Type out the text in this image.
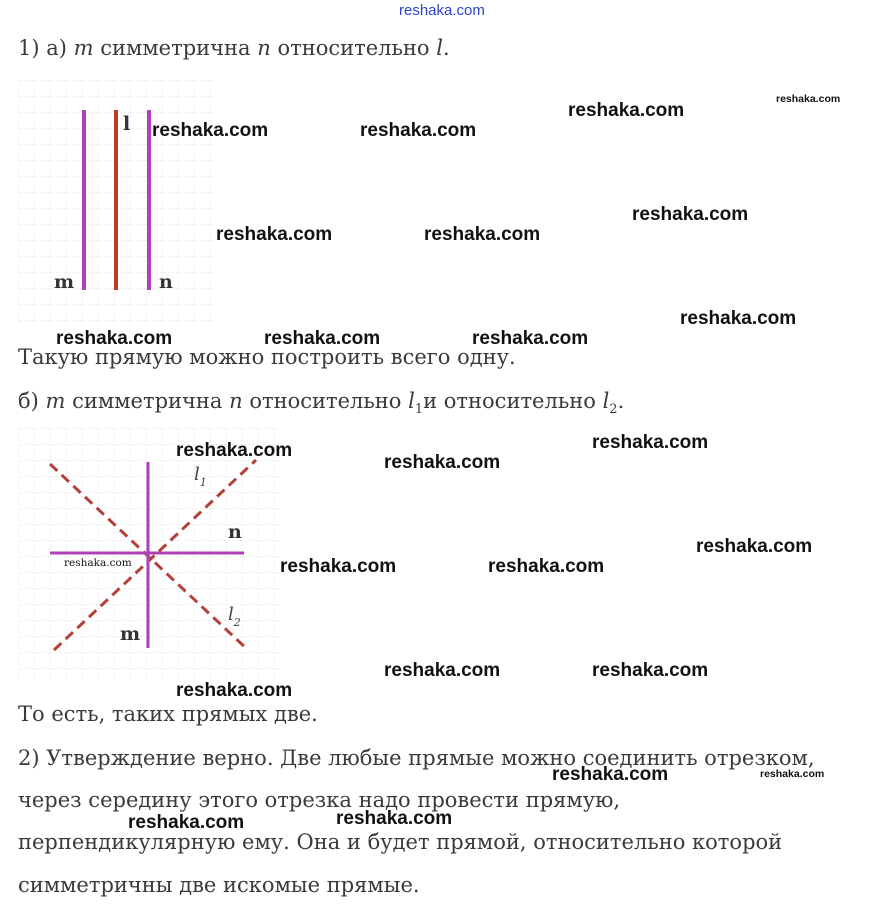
reshaka.com
1) а) m симметрична n относительно l.
m
l
n
reshaka.com	reshaka.com
reshaka.com
reshaka.com
reshaka.com	reshaka.com
reshaka.com
reshaka.com	reshaka.com	reshaka.com
reshaka.com
Такую прямую можно построить всего одну.
б) m симметрична n относительно $l_1и$ относительно $l_2$.
$l_1$
n
m
$l_2$
reshaka.com
reshaka.com
reshaka.com
reshaka.com
reshaka.com
reshaka.com	reshaka.com
reshaka.com	reshaka.com
reshaka.com
То есть, таких прямых две.
2) Утверждение верно. Две любые прямые можно соединить отрезком,
через середину этого отрезка надо провести прямую,
перпендикулярную ему. Она и будет прямой, относительно которой
симметричны две искомые прямые.
reshaka.com	reshaka.com
reshaka.com
reshaka.com
